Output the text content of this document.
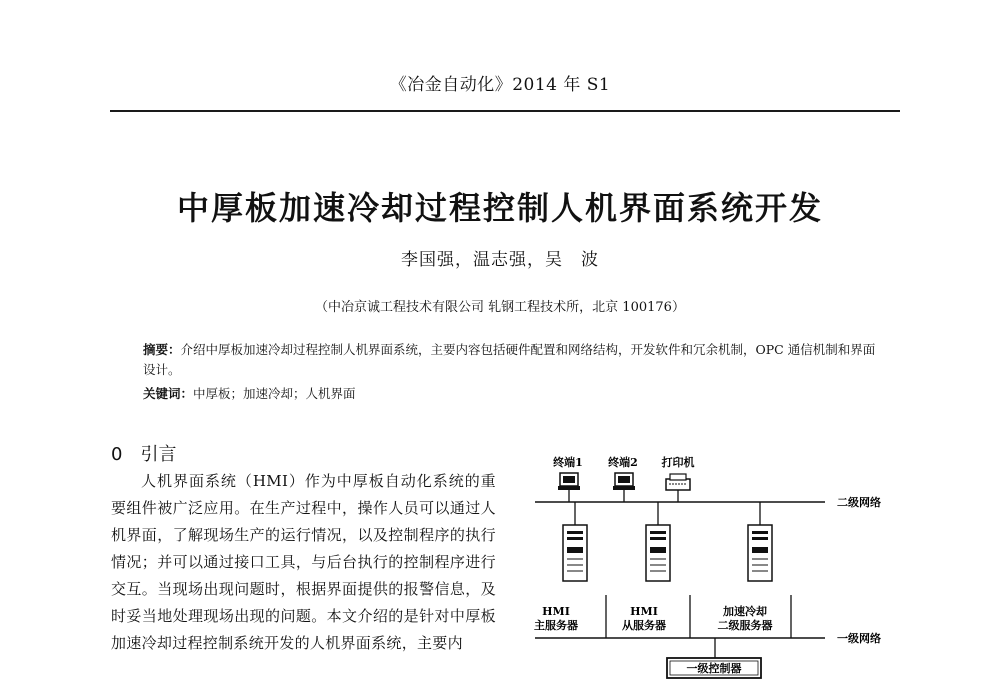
《冶金自动化》2014 年 S1
中厚板加速冷却过程控制人机界面系统开发
李国强，温志强，吴　波
（中冶京诚工程技术有限公司 轧钢工程技术所，北京 100176）
摘要：介绍中厚板加速冷却过程控制人机界面系统，主要内容包括硬件配置和网络结构，开发软件和冗余机制，OPC 通信机制和界面设计。
关键词：中厚板；加速冷却；人机界面
0 引言
人机界面系统（HMI）作为中厚板自动化系统的重要组件被广泛应用。在生产过程中，操作人员可以通过人机界面，了解现场生产的运行情况，以及控制程序的执行情况；并可以通过接口工具，与后台执行的控制程序进行交互。当现场出现问题时，根据界面提供的报警信息，及时妥当地处理现场出现的问题。本文介绍的是针对中厚板加速冷却过程控制系统开发的人机界面系统，主要内
终端1 终端2 打印机
二级网络
HMI
主服务器
HMI
从服务器
加速冷却
二级服务器
一级网络
一级控制器
